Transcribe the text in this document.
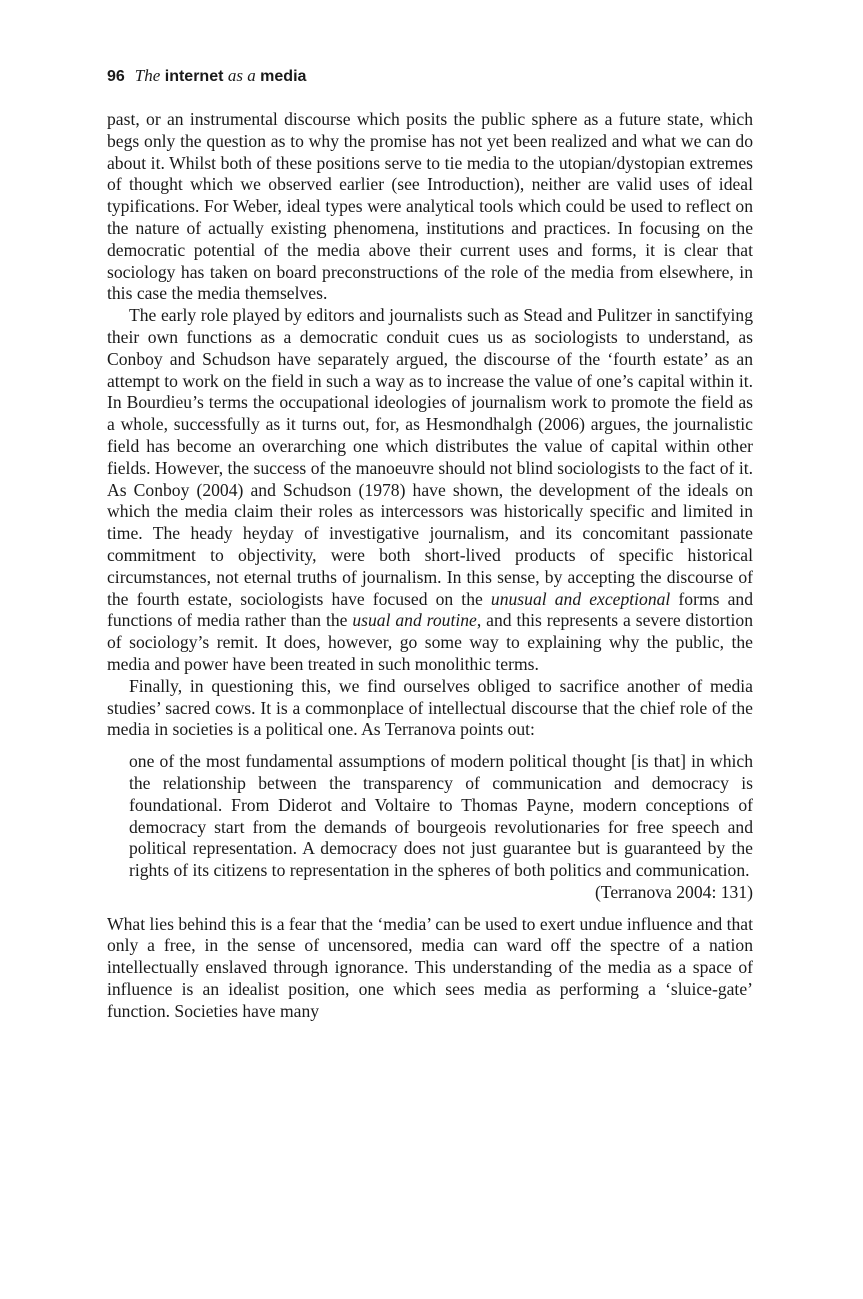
96 The internet as a media

past, or an instrumental discourse which posits the public sphere as a future state, which begs only the question as to why the promise has not yet been realized and what we can do about it. Whilst both of these positions serve to tie media to the utopian/dystopian extremes of thought which we observed earlier (see Introduction), neither are valid uses of ideal typifications. For Weber, ideal types were analytical tools which could be used to reflect on the nature of actually existing phenomena, institutions and practices. In focusing on the democratic potential of the media above their current uses and forms, it is clear that sociology has taken on board preconstructions of the role of the media from elsewhere, in this case the media themselves.

The early role played by editors and journalists such as Stead and Pulitzer in sanctifying their own functions as a democratic conduit cues us as sociologists to understand, as Conboy and Schudson have separately argued, the discourse of the ‘fourth estate’ as an attempt to work on the field in such a way as to increase the value of one’s capital within it. In Bourdieu’s terms the occupational ideologies of journalism work to promote the field as a whole, successfully as it turns out, for, as Hesmondhalgh (2006) argues, the journalistic field has become an overarching one which distributes the value of capital within other fields. However, the success of the manoeuvre should not blind sociologists to the fact of it. As Conboy (2004) and Schudson (1978) have shown, the development of the ideals on which the media claim their roles as intercessors was historically specific and limited in time. The heady heyday of investigative journalism, and its concomitant passionate commitment to objectivity, were both short-lived products of specific historical circumstances, not eternal truths of journalism. In this sense, by accepting the discourse of the fourth estate, sociologists have focused on the unusual and exceptional forms and functions of media rather than the usual and routine, and this represents a severe distortion of sociology’s remit. It does, however, go some way to explaining why the public, the media and power have been treated in such monolithic terms.

Finally, in questioning this, we find ourselves obliged to sacrifice another of media studies’ sacred cows. It is a commonplace of intellectual discourse that the chief role of the media in societies is a political one. As Terranova points out:

one of the most fundamental assumptions of modern political thought [is that] in which the relationship between the transparency of communication and democracy is foundational. From Diderot and Voltaire to Thomas Payne, modern conceptions of democracy start from the demands of bourgeois revolutionaries for free speech and political representation. A democracy does not just guarantee but is guaranteed by the rights of its citizens to representation in the spheres of both politics and communication.
(Terranova 2004: 131)

What lies behind this is a fear that the ‘media’ can be used to exert undue influence and that only a free, in the sense of uncensored, media can ward off the spectre of a nation intellectually enslaved through ignorance. This understanding of the media as a space of influence is an idealist position, one which sees media as performing a ‘sluice-gate’ function. Societies have many
